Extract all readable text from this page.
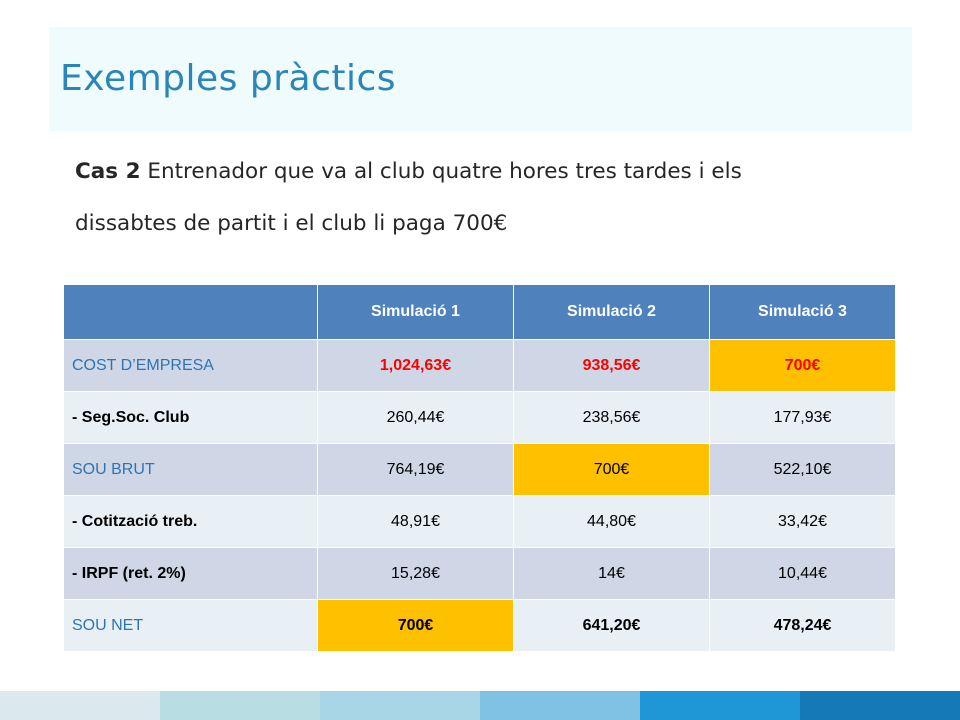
Exemples pràctics
Cas 2 Entrenador que va al club quatre hores tres tardes i els dissabtes de partit i el club li paga 700€
	Simulació 1	Simulació 2	Simulació 3
COST D’EMPRESA	1,024,63€	938,56€	700€
- Seg.Soc. Club	260,44€	238,56€	177,93€
SOU BRUT	764,19€	700€	522,10€
- Cotització treb.	48,91€	44,80€	33,42€
- IRPF (ret. 2%)	15,28€	14€	10,44€
SOU NET	700€	641,20€	478,24€
